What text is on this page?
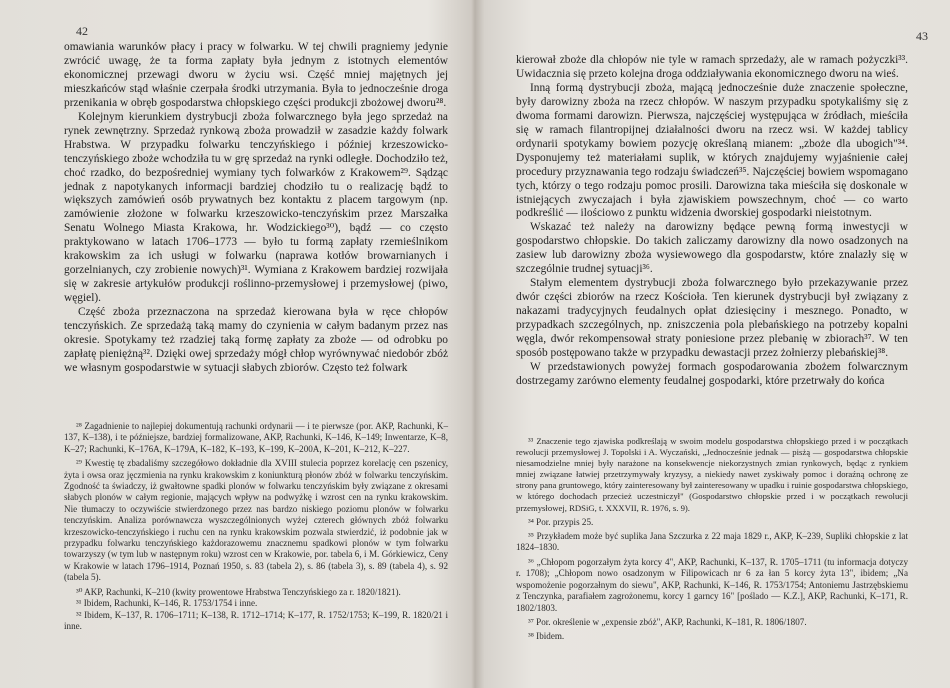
42

omawiania warunków płacy i pracy w folwarku. W tej chwili pragniemy jedynie zwrócić uwagę, że ta forma zapłaty była jednym z istotnych elementów ekonomicznej przewagi dworu w życiu wsi. Część mniej majętnych jej mieszkańców stąd właśnie czerpała środki utrzymania. Była to jednocześnie droga przenikania w obręb gospodarstwa chłopskiego części produkcji zbożowej dworu²⁸.

Kolejnym kierunkiem dystrybucji zboża folwarcznego była jego sprzedaż na rynek zewnętrzny. Sprzedaż rynkową zboża prowadził w zasadzie każdy folwark Hrabstwa. W przypadku folwarku tenczyńskiego i później krzeszowicko-tenczyńskiego zboże wchodziła tu w grę sprzedaż na rynki odległe. Dochodziło też, choć rzadko, do bezpośredniej wymiany tych folwarków z Krakowem²⁹. Sądząc jednak z napotykanych informacji bardziej chodziło tu o realizację bądź to większych zamówień osób prywatnych bez kontaktu z placem targowym (np. zamówienie złożone w folwarku krzeszowicko-tenczyńskim przez Marszałka Senatu Wolnego Miasta Krakowa, hr. Wodzickiego³⁰), bądź — co często praktykowano w latach 1706–1773 — było tu formą zapłaty rzemieślnikom krakowskim za ich usługi w folwarku (naprawa kotłów browarnianych i gorzelnianych, czy zrobienie nowych)³¹. Wymiana z Krakowem bardziej rozwijała się w zakresie artykułów produkcji roślinno-przemysłowej i przemysłowej (piwo, węgiel).

Część zboża przeznaczona na sprzedaż kierowana była w ręce chłopów tenczyńskich. Ze sprzedażą taką mamy do czynienia w całym badanym przez nas okresie. Spotykamy też rzadziej taką formę zapłaty za zboże — od odrobku po zapłatę pieniężną³². Dzięki owej sprzedaży mógł chłop wyrównywać niedobór zbóż we własnym gospodarstwie w sytuacji słabych zbiorów. Często też folwark

²⁸ Zagadnienie to najlepiej dokumentują rachunki ordynarii — i te pierwsze (por. AKP, Rachunki, K–137, K–138), i te późniejsze, bardziej formalizowane, AKP, Rachunki, K–146, K–149; Inwentarze, K–8, K–27; Rachunki, K–176A, K–179A, K–182, K–193, K–199, K–200A, K–201, K–212, K–227.

²⁹ Kwestię tę zbadaliśmy szczegółowo dokładnie dla XVIII stulecia poprzez korelację cen pszenicy, żyta i owsa oraz jęczmienia na rynku krakowskim z koniunkturą płonów zbóż w folwarku tenczyńskim. Zgodność ta świadczy, iż gwałtowne spadki plonów w folwarku tenczyńskim były związane z okresami słabych plonów w całym regionie, mających wpływ na podwyżkę i wzrost cen na rynku krakowskim. Nie tłumaczy to oczywiście stwierdzonego przez nas bardzo niskiego poziomu plonów w folwarku tenczyńskim. Analiza porównawcza wyszczególnionych wyżej czterech głównych zbóż folwarku krzeszowicko-tenczyńskiego i ruchu cen na rynku krakowskim pozwala stwierdzić, iż podobnie jak w przypadku folwarku tenczyńskiego każdorazowemu znacznemu spadkowi plonów w tym folwarku towarzyszy (w tym lub w następnym roku) wzrost cen w Krakowie, por. tabela 6, i M. Górkiewicz, Ceny w Krakowie w latach 1796–1914, Poznań 1950, s. 83 (tabela 2), s. 86 (tabela 3), s. 89 (tabela 4), s. 92 (tabela 5).

³⁰ AKP, Rachunki, K–210 (kwity prowentowe Hrabstwa Tenczyńskiego za r. 1820/1821).

³¹ Ibidem, Rachunki, K–146, R. 1753/1754 i inne.

³² Ibidem, K–137, R. 1706–1711; K–138, R. 1712–1714; K–177, R. 1752/1753; K–199, R. 1820/21 i inne.

43

kierował zboże dla chłopów nie tyle w ramach sprzedaży, ale w ramach pożyczki³³. Uwidacznia się przeto kolejna droga oddziaływania ekonomicznego dworu na wieś.

Inną formą dystrybucji zboża, mającą jednocześnie duże znaczenie społeczne, były darowizny zboża na rzecz chłopów. W naszym przypadku spotykaliśmy się z dwoma formami darowizn. Pierwsza, najczęściej występująca w źródłach, mieściła się w ramach filantropijnej działalności dworu na rzecz wsi. W każdej tablicy ordynarii spotykamy bowiem pozycję określaną mianem: „zboże dla ubogich"³⁴. Dysponujemy też materiałami suplik, w których znajdujemy wyjaśnienie całej procedury przyznawania tego rodzaju świadczeń³⁵. Najczęściej bowiem wspomagano tych, którzy o tego rodzaju pomoc prosili. Darowizna taka mieściła się doskonale w istniejących zwyczajach i była zjawiskiem powszechnym, choć — co warto podkreślić — ilościowo z punktu widzenia dworskiej gospodarki nieistotnym.

Wskazać też należy na darowizny będące pewną formą inwestycji w gospodarstwo chłopskie. Do takich zaliczamy darowizny dla nowo osadzonych na zasiew lub darowizny zboża wysiewowego dla gospodarstw, które znalazły się w szczególnie trudnej sytuacji³⁶.

Stałym elementem dystrybucji zboża folwarcznego było przekazywanie przez dwór części zbiorów na rzecz Kościoła. Ten kierunek dystrybucji był związany z nakazami tradycyjnych feudalnych opłat dziesięciny i mesznego. Ponadto, w przypadkach szczególnych, np. zniszczenia pola plebańskiego na potrzeby kopalni węgla, dwór rekompensował straty poniesione przez plebanię w zbiorach³⁷. W ten sposób postępowano także w przypadku dewastacji przez żołnierzy plebańskiej³⁸.

W przedstawionych powyżej formach gospodarowania zbożem folwarcznym dostrzegamy zarówno elementy feudalnej gospodarki, które przetrwały do końca

³³ Znaczenie tego zjawiska podkreślają w swoim modelu gospodarstwa chłopskiego przed i w początkach rewolucji przemysłowej J. Topolski i A. Wyczański, „Jednocześnie jednak — pisżą — gospodarstwa chłopskie niesamodzielne mniej były narażone na konsekwencje niekorzystnych zmian rynkowych, będąc z rynkiem mniej związane łatwiej przetrzymywały kryzysy, a niekiedy nawet zyskiwały pomoc i doraźną ochronę ze strony pana gruntowego, który zainteresowany był zainteresowany w upadku i ruinie gospodarstwa chłopskiego, w którego dochodach przecież uczestniczył" (Gospodarstwo chłopskie przed i w początkach rewolucji przemysłowej, RDSiG, t. XXXVII, R. 1976, s. 9).

³⁴ Por. przypis 25.

³⁵ Przykładem może być suplika Jana Szczurka z 22 maja 1829 r., AKP, K–239, Supliki chłopskie z lat 1824–1830.

³⁶ „Chłopom pogorzałym żyta korcy 4", AKP, Rachunki, K–137, R. 1705–1711 (tu informacja dotyczy r. 1708); „Chłopom nowo osadzonym w Filipowicach nr 6 za łan 5 korcy żyta 13", ibidem; „Na wspomożenie pogorzałnym do siewu", AKP, Rachunki, K–146, R. 1753/1754; Antoniemu Jastrzębskiemu z Tenczynka, parafiałem zagrożonemu, korcy 1 garncy 16" [poślado — K.Z.], AKP, Rachunki, K–171, R. 1802/1803.

³⁷ Por. określenie w „expensie zbóż", AKP, Rachunki, K–181, R. 1806/1807.

³⁸ Ibidem.
